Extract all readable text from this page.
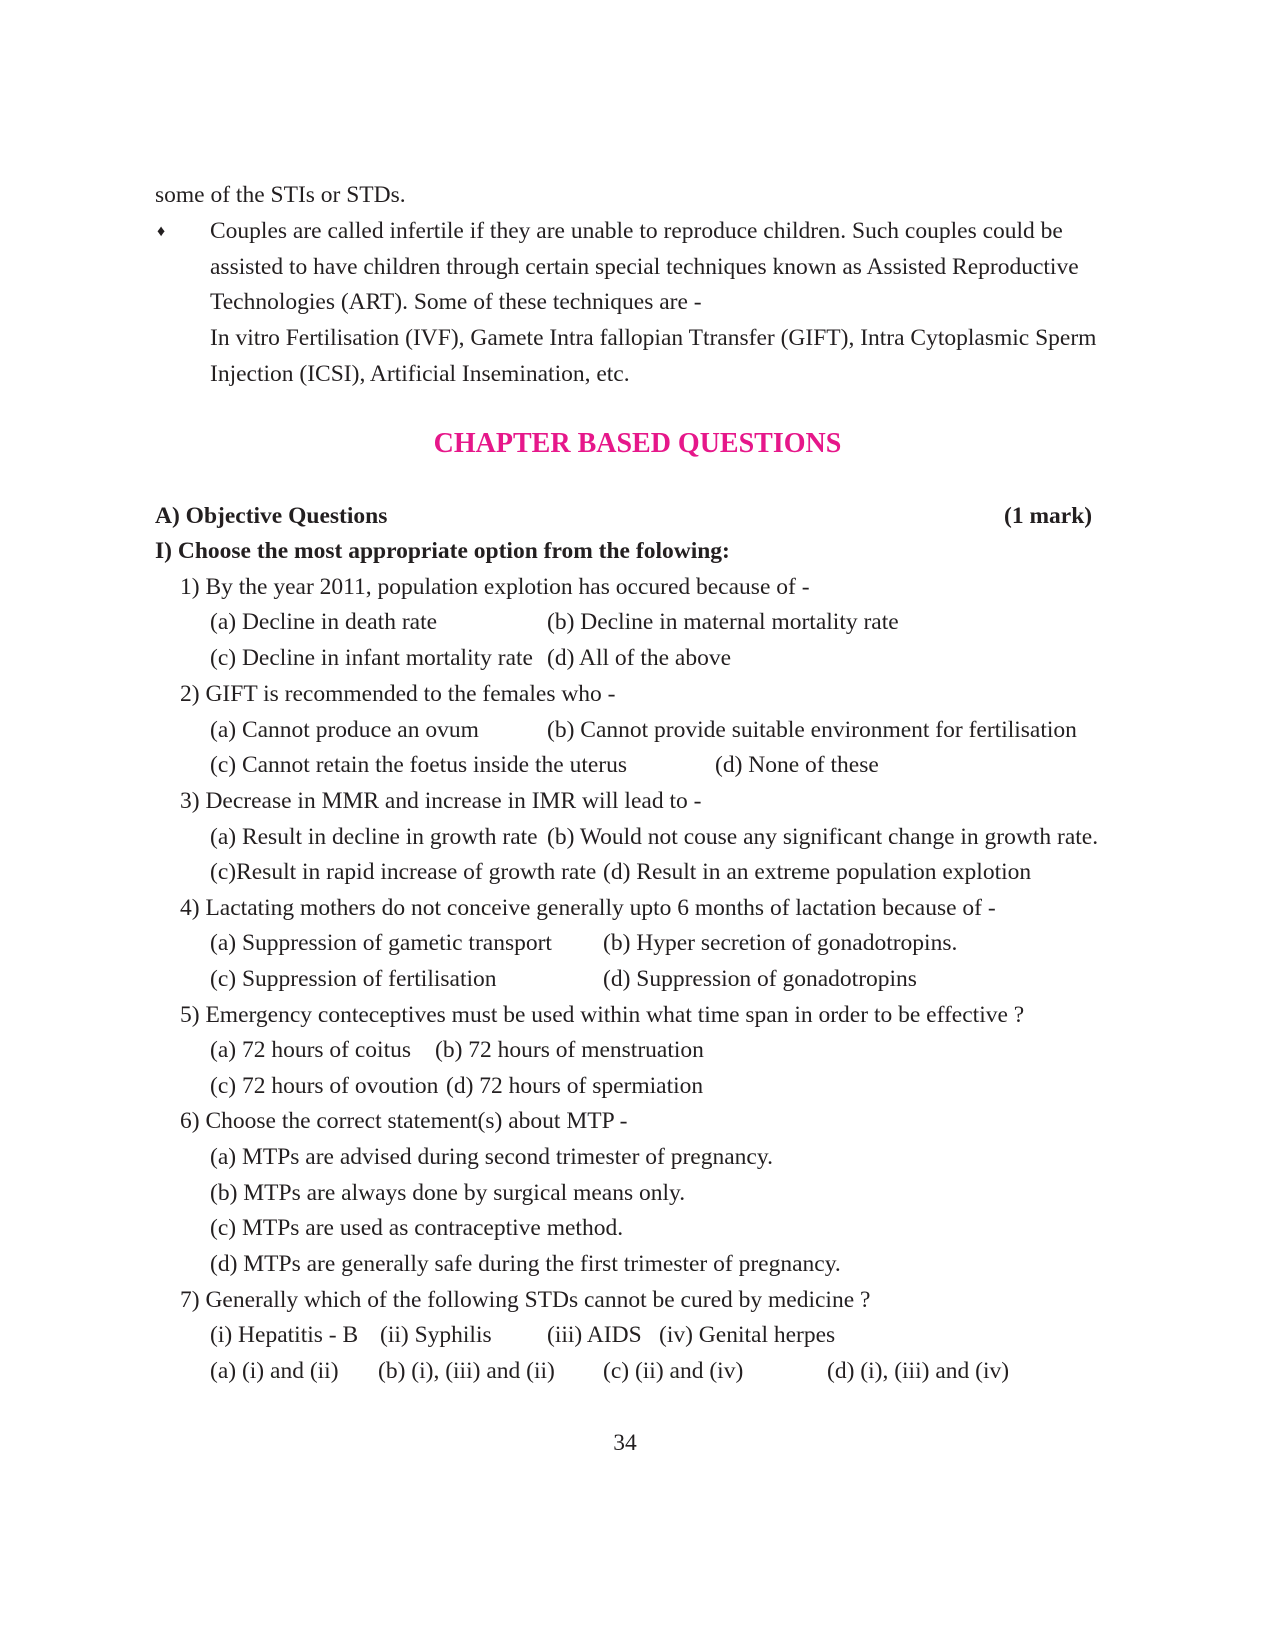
some of the STIs or STDs.
♦ Couples are called infertile if they are unable to reproduce children. Such couples could be
assisted to have children through certain special techniques known as Assisted Reproductive
Technologies (ART). Some of these techniques are -
In vitro Fertilisation (IVF), Gamete Intra fallopian Ttransfer (GIFT), Intra Cytoplasmic Sperm
Injection (ICSI), Artificial Insemination, etc.
CHAPTER BASED QUESTIONS
A) Objective Questions	(1 mark)
I) Choose the most appropriate option from the folowing:
1) By the year 2011, population explotion has occured because of -
(a) Decline in death rate	(b) Decline in maternal mortality rate
(c) Decline in infant mortality rate (d) All of the above
2) GIFT is recommended to the females who -
(a) Cannot produce an ovum	(b) Cannot provide suitable environment for fertilisation
(c) Cannot retain the foetus inside the uterus	(d) None of these
3) Decrease in MMR and increase in IMR will lead to -
(a) Result in decline in growth rate (b) Would not couse any significant change in growth rate.
(c)Result in rapid increase of growth rate (d) Result in an extreme population explotion
4) Lactating mothers do not conceive generally upto 6 months of lactation because of -
(a) Suppression of gametic transport (b) Hyper secretion of gonadotropins.
(c) Suppression of fertilisation	(d) Suppression of gonadotropins
5) Emergency conteceptives must be used within what time span in order to be effective ?
(a) 72 hours of coitus (b) 72 hours of menstruation
(c) 72 hours of ovoution (d) 72 hours of spermiation
6) Choose the correct statement(s) about MTP -
(a) MTPs are advised during second trimester of pregnancy.
(b) MTPs are always done by surgical means only.
(c) MTPs are used as contraceptive method.
(d) MTPs are generally safe during the first trimester of pregnancy.
7) Generally which of the following STDs cannot be cured by medicine ?
(i) Hepatitis - B (ii) Syphilis (iii) AIDS (iv) Genital herpes
(a) (i) and (ii) (b) (i), (iii) and (ii) (c) (ii) and (iv)	(d) (i), (iii) and (iv)
34
